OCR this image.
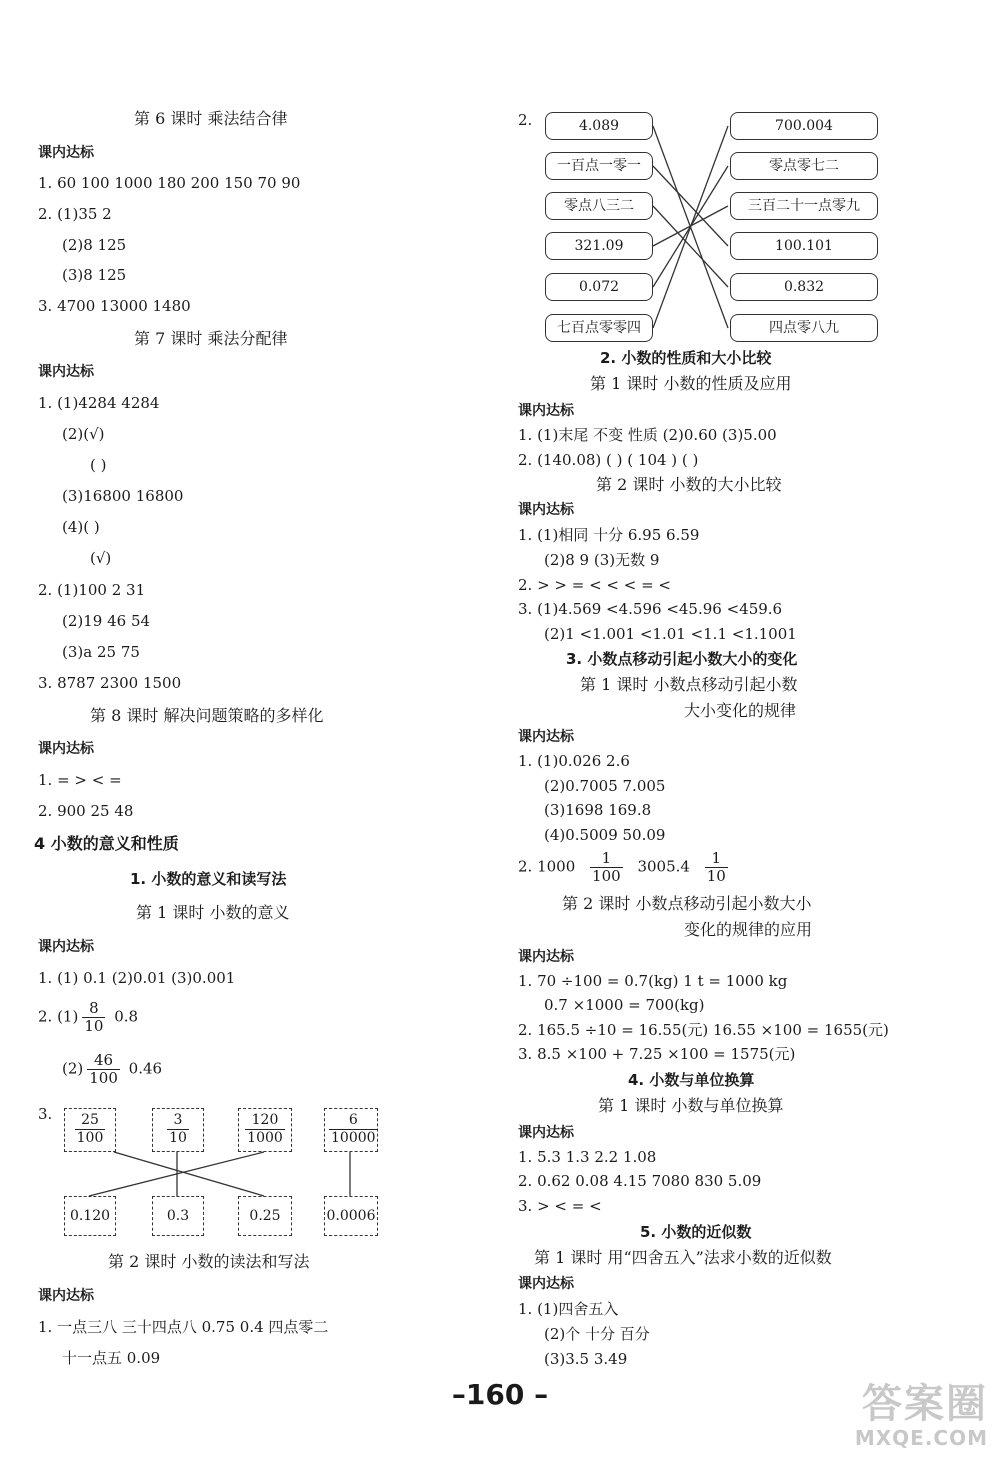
第 6 课时 乘法结合律
课内达标
1. 60 100 1000 180 200 150 70 90
2. (1)35 2
(2)8 125
(3)8 125
3. 4700 13000 1480
第 7 课时 乘法分配律
课内达标
1. (1)4284 4284
(2)(√)
( )
(3)16800 16800
(4)( )
(√)
2. (1)100 2 31
(2)19 46 54
(3)a 25 75
3. 8787 2300 1500
第 8 课时 解决问题策略的多样化
课内达标
1. = > < =
2. 900 25 48
4 小数的意义和性质
1. 小数的意义和读写法
第 1 课时 小数的意义
课内达标
1. (1) 0.1 (2)0.01 (3)0.001
2. $(1) \frac{8}{10} 0.8$
$(2) \frac{46}{100} 0.46$
3. $\frac{25}{100}$	$\frac{3}{10}$	$\frac{120}{1000}$	$\frac{6}{10000}$
0.120	0.3	0.25	0.0006
第 2 课时 小数的读法和写法
课内达标
1. 一点三八 三十四点八 0.75 0.4 四点零二
十一点五 0.09
2.	4.089
一百点一零一
零点八三二
321.09
0.072
七百点零零四
700.004
零点零七二
三百二十一点零九
100.101
0.832
四点零八九
2. 小数的性质和大小比较
第 1 课时 小数的性质及应用
课内达标
1. (1)末尾 不变 性质 (2)0.60 (3)5.00
2. (140.08) ( ) ( 104 ) ( )
第 2 课时 小数的大小比较
课内达标
1. (1)相同 十分 6.95 6.59
(2)8 9 (3)无数 9
2. > > = < < < = <
3. (1)4.569 <4.596 <45.96 <459.6
(2)1 <1.001 <1.01 <1.1 <1.1001
3. 小数点移动引起小数大小的变化
第 1 课时 小数点移动引起小数
大小变化的规律
课内达标
1. (1)0.026 2.6
(2)0.7005 7.005
(3)1698 169.8
(4)0.5009 50.09
2. $1000 \frac{1}{100} 3005.4 \frac{1}{10}$
第 2 课时 小数点移动引起小数大小
变化的规律的应用
课内达标
1. 70 ÷100 = 0.7(kg) 1 t = 1000 kg
0.7 ×1000 = 700(kg)
2. 165.5 ÷10 = 16.55(元) 16.55 ×100 = 1655(元)
3. 8.5 ×100 + 7.25 ×100 = 1575(元)
4. 小数与单位换算
第 1 课时 小数与单位换算
课内达标
1. 5.3 1.3 2.2 1.08
2. 0.62 0.08 4.15 7080 830 5.09
3. > < = <
5. 小数的近似数
第 1 课时 用“四舍五入”法求小数的近似数
课内达标
1. (1)四舍五入
(2)个 十分 百分
(3)3.5 3.49
–160 –	答案圈
MXQE.COM
